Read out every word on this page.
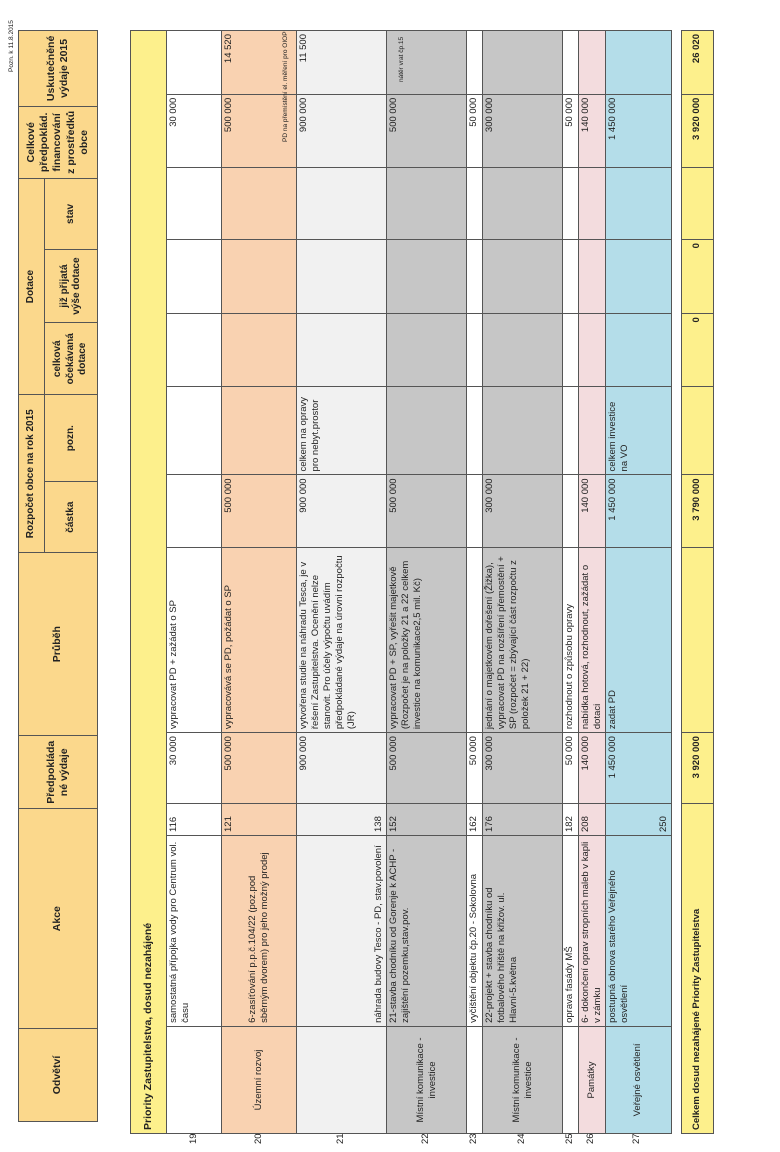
Odvětví	Akce	Předpokláda né výdaje	Průběh	Rozpočet obce na rok 2015		Dotace			Celkové předpoklád. financování z prostředků obce	Uskutečněné výdaje 2015
				částka	pozn.	celková očekávaná dotace	již přijatá výše dotace	stav		

Priority Zastupitelstva, dosud nezahájené											
	samostatná přípojka vody pro Centrum vol. času	116	30 000	vypracovat PD + zažádat o SP						30 000	
Územní rozvoj	6-zasíťování p.p.č.104/22 (poz.pod sběrným dvorem) pro jeho možný prodej	121	500 000	vypracovává se PD, požádat o SP	500 000					500 000	14 520
	náhrada budovy Tesco - PD, stav.povolení	138	900 000	vytvořena studie na náhradu Tesca, je v řešení Zastupitelstva. Ocenění nelze stanovit. Pro účely výpočtu uvádím předpokládané výdaje na úrovni rozpočtu (JR)	900 000	celkem na opravy pro nebyt.prostor				900 000	11 500
Místní komunikace - investice	21-stavba chodníku od Gorenje k ACHP - zajištění pozemku,stav.pov.	152	500 000	vypracovat PD + SP, vyřešit majetkově (Rozpočet je na položky 21 a 22 celkem investice na komunikace2,5 mil. Kč)	500 000					500 000	
	vyčištění objektu čp.20 - Sokolovna	162	50 000							50 000	
Místní komunikace - investice	22-projekt + stavba chodníku od fotbalového hřiště na křižov. ul. Hlavní-5.května	176	300 000	jednání o majetkovém dořešení (Žižka), vypracovat PD na rozšíření přemostění + SP (rozpočet = zbývající část rozpočtu z položek 21 + 22)	300 000					300 000	
	oprava fasády MŠ	182	50 000	rozhodnout o způsobu opravy						50 000	
Památky	6- dokončení oprav stropních maleb v kapli v zámku	208	140 000	nabídka hotová, rozhodnout, zažádat o dotaci	140 000					140 000	
Veřejné osvětlení	postupná obnova starého Veřejného osvětlení	250	1 450 000	zadat PD	1 450 000	celkem investice na VO				1 450 000	

Celkem dosud nezahájené Priority Zastupitelstva			3 920 000		3 790 000		0	0		3 920 000	26 020
Pozn. k 11.8.2015	PD na přemístění el. měření pro OIOP	nátěr vrat čp.15
19	20	21	22	23	24	25 26	27
